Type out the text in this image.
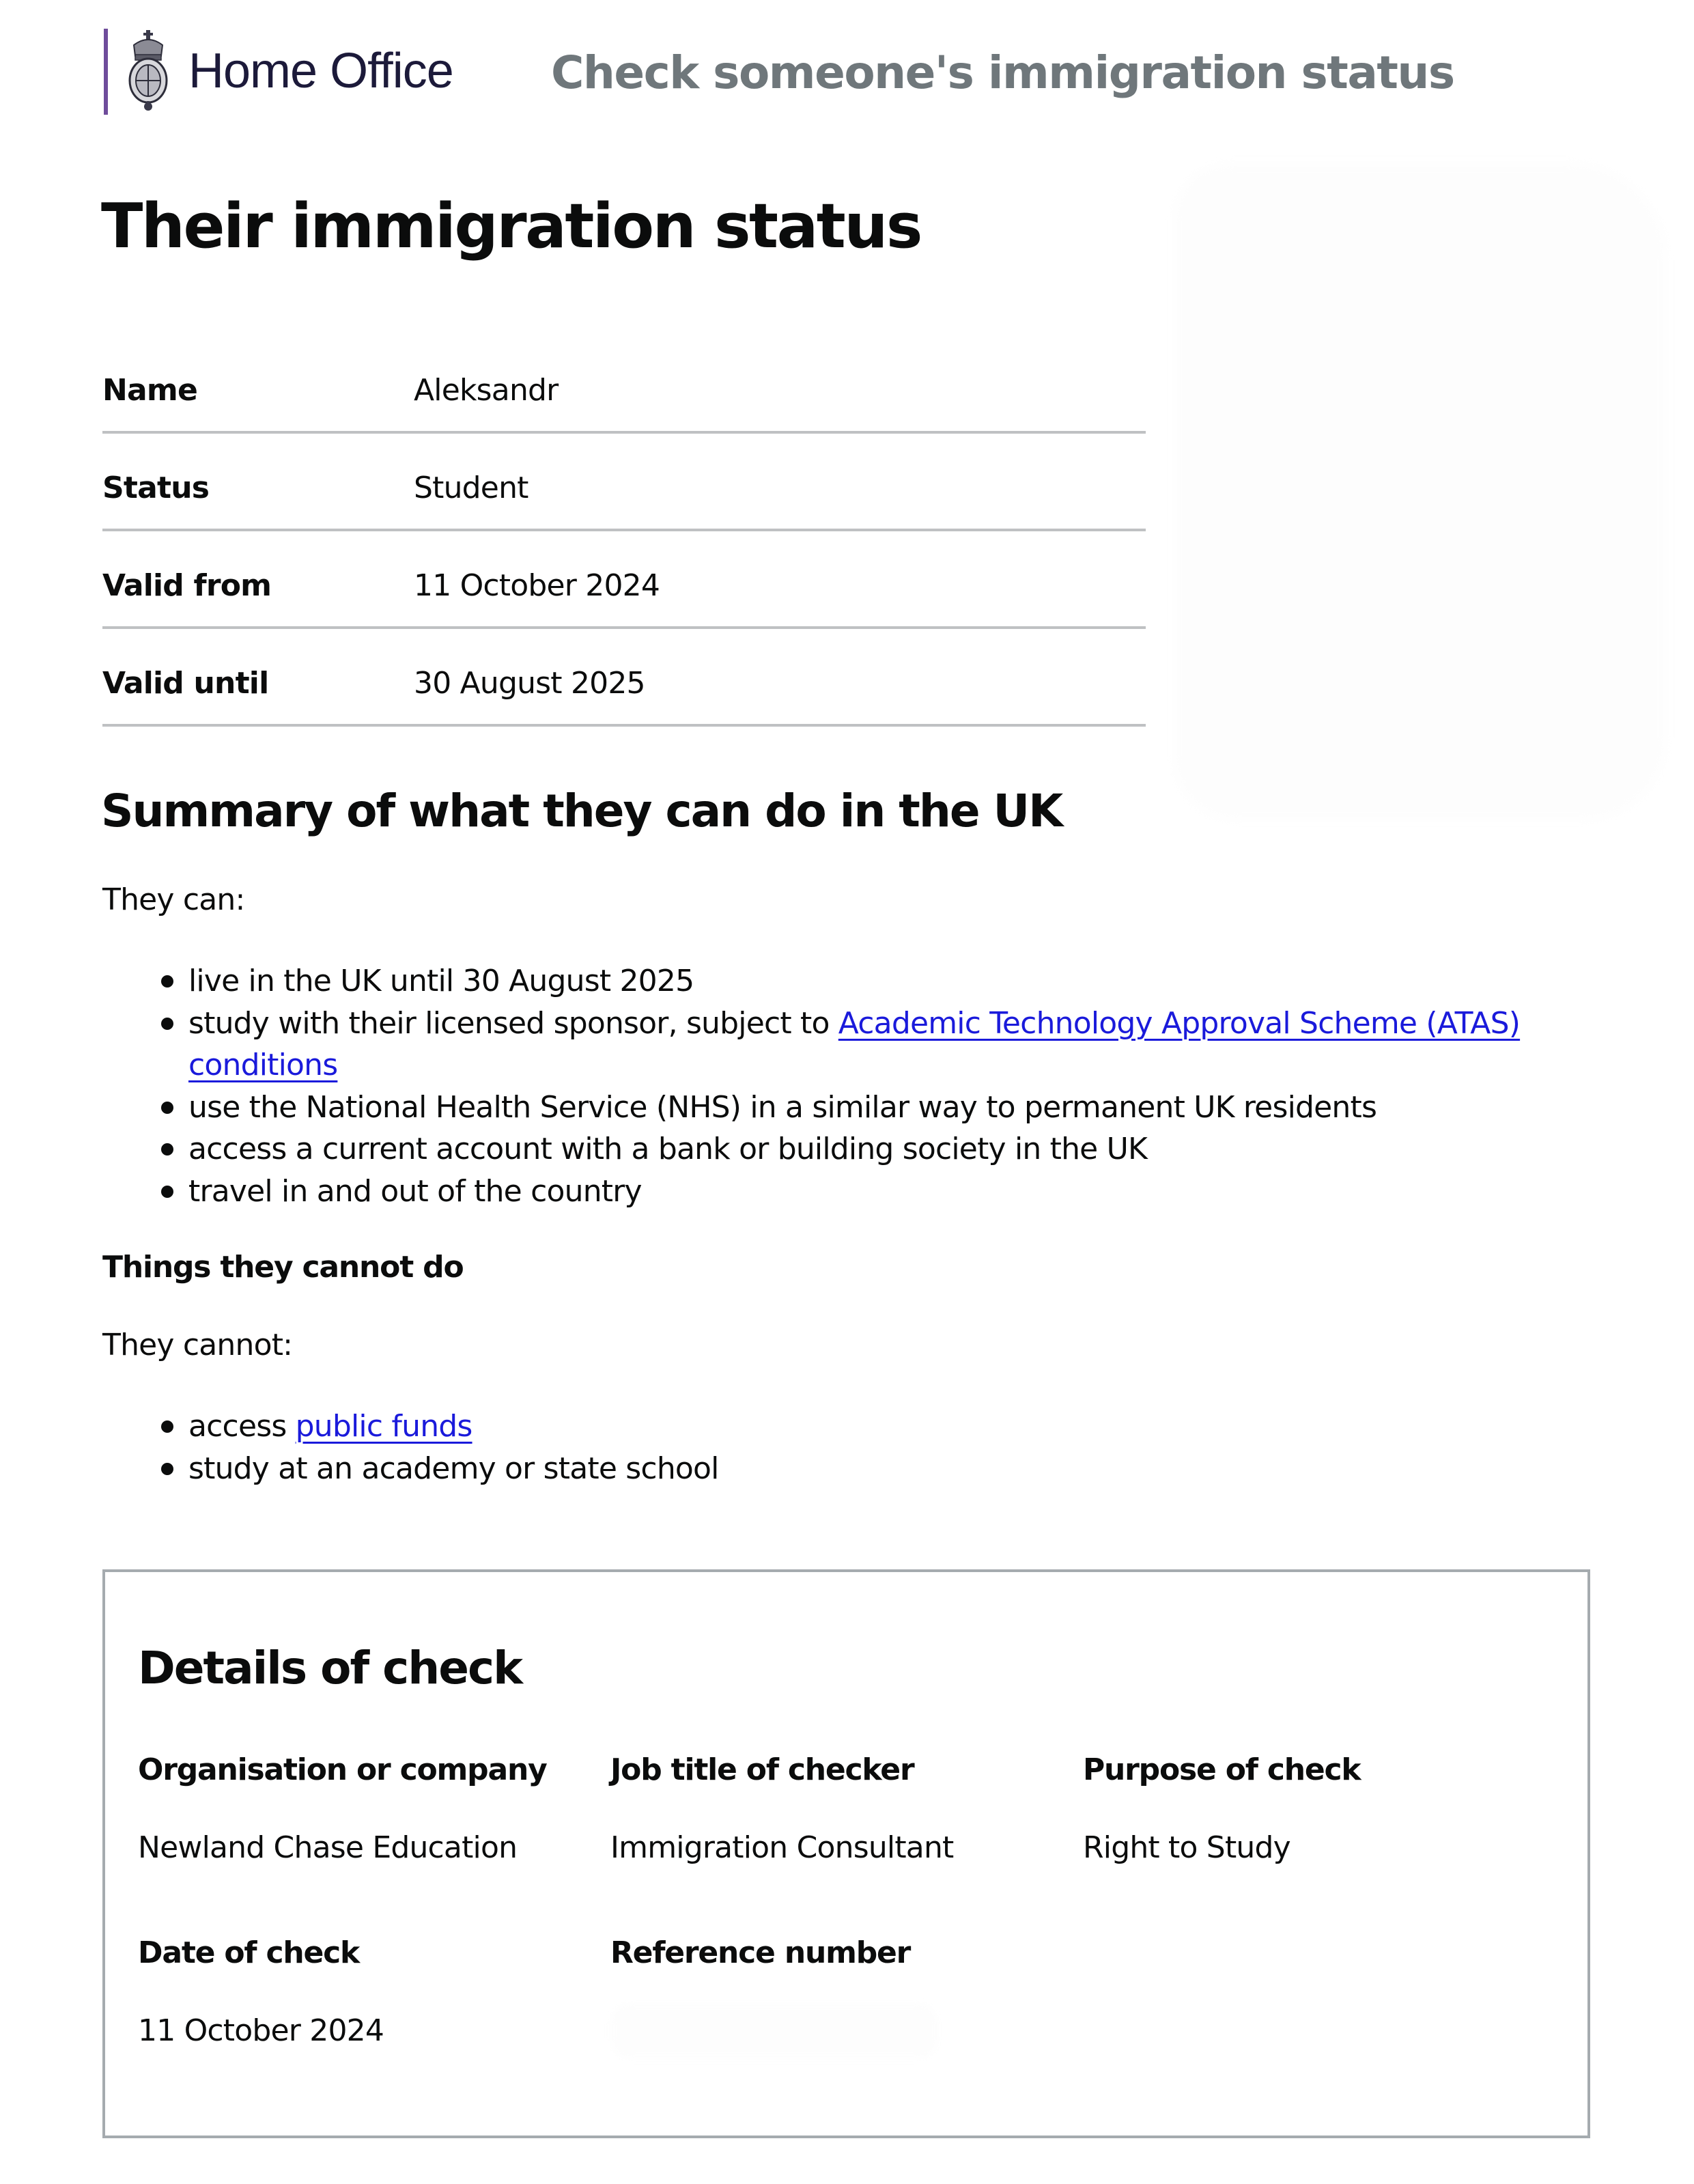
Home Office Check someone's immigration status
Their immigration status
Name	Aleksandr
Status	Student
Valid from	11 October 2024
Valid until	30 August 2025
Summary of what they can do in the UK

They can:

live in the UK until 30 August 2025
study with their licensed sponsor, subject to Academic Technology Approval Scheme (ATAS) conditions
use the National Health Service (NHS) in a similar way to permanent UK residents
access a current account with a bank or building society in the UK
travel in and out of the country
Things they cannot do

They cannot:

access public funds
study at an academy or state school
Details of check
Organisation or company
Newland Chase Education
Job title of checker
Immigration Consultant
Purpose of check
Right to Study
Date of check
11 October 2024
Reference number
